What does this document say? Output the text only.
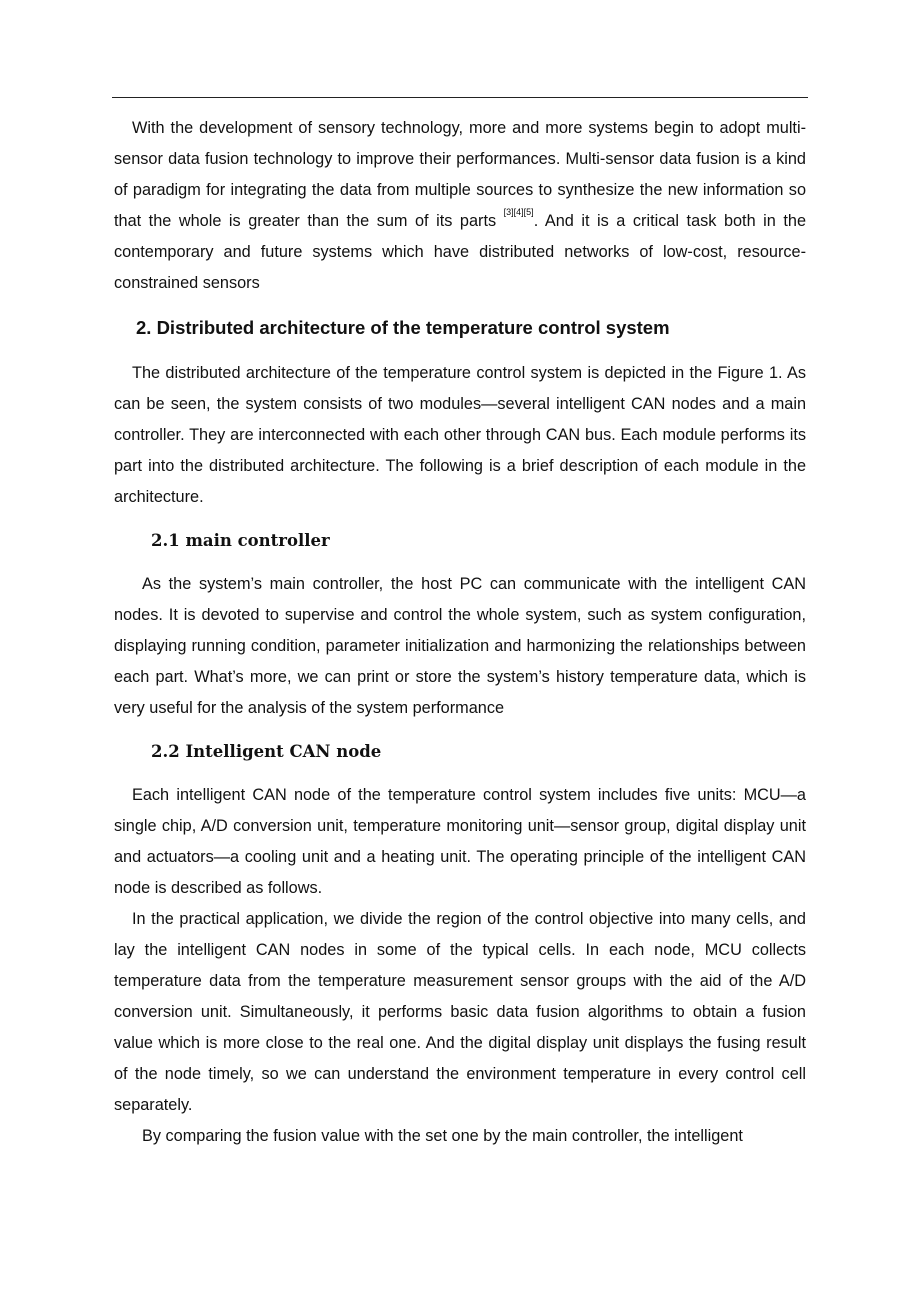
With the development of sensory technology, more and more systems begin to adopt multi-sensor data fusion technology to improve their performances. Multi-sensor data fusion is a kind of paradigm for integrating the data from multiple sources to synthesize the new information so that the whole is greater than the sum of its parts [3][4][5]. And it is a critical task both in the contemporary and future systems which have distributed networks of low-cost, resource-constrained sensors

2. Distributed architecture of the temperature control system

The distributed architecture of the temperature control system is depicted in the Figure 1. As can be seen, the system consists of two modules—several intelligent CAN nodes and a main controller. They are interconnected with each other through CAN bus. Each module performs its part into the distributed architecture. The following is a brief description of each module in the architecture.

2.1 main controller

As the system’s main controller, the host PC can communicate with the intelligent CAN nodes. It is devoted to supervise and control the whole system, such as system configuration, displaying running condition, parameter initialization and harmonizing the relationships between each part. What’s more, we can print or store the system’s history temperature data, which is very useful for the analysis of the system performance

2.2 Intelligent CAN node

Each intelligent CAN node of the temperature control system includes five units: MCU—a single chip, A/D conversion unit, temperature monitoring unit—sensor group, digital display unit and actuators—a cooling unit and a heating unit. The operating principle of the intelligent CAN node is described as follows.

In the practical application, we divide the region of the control objective into many cells, and lay the intelligent CAN nodes in some of the typical cells. In each node, MCU collects temperature data from the temperature measurement sensor groups with the aid of the A/D conversion unit. Simultaneously, it performs basic data fusion algorithms to obtain a fusion value which is more close to the real one. And the digital display unit displays the fusing result of the node timely, so we can understand the environment temperature in every control cell separately.

By comparing the fusion value with the set one by the main controller, the intelligent
